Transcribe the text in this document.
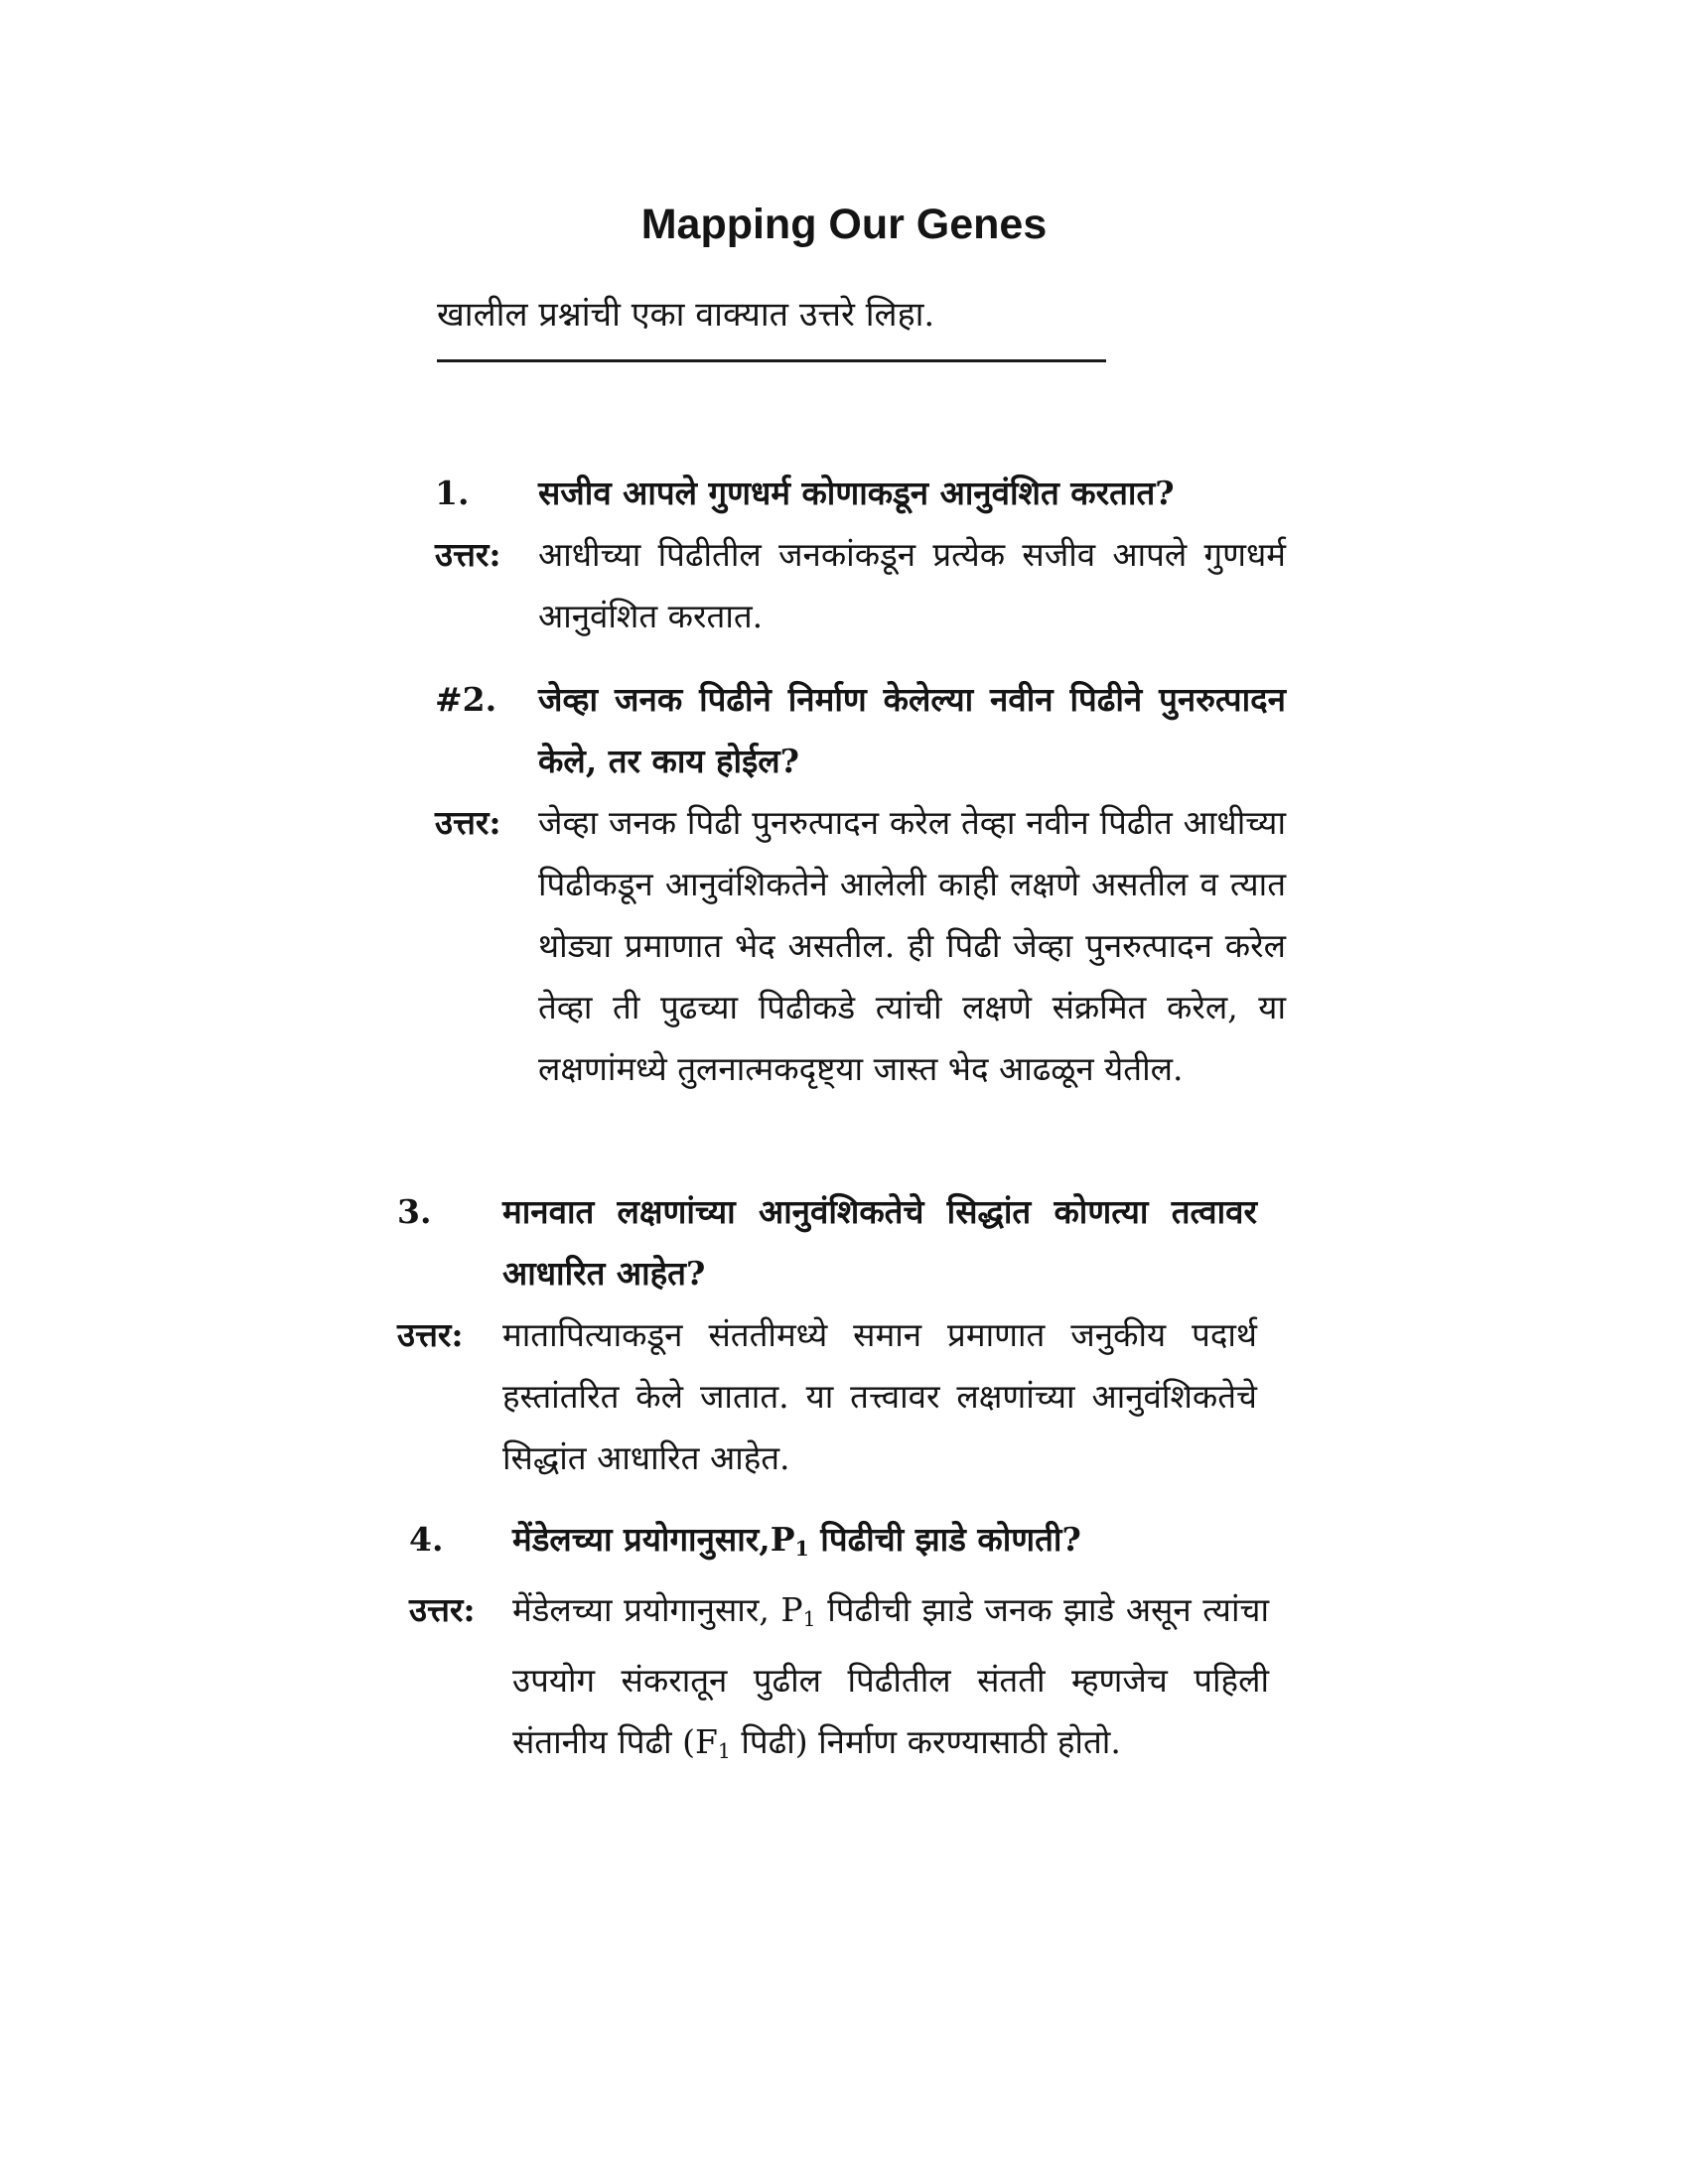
Mapping Our Genes

खालील प्रश्नांची एका वाक्यात उत्तरे लिहा.

1. सजीव आपले गुणधर्म कोणाकडून आनुवंशित करतात?
उत्तर: आधीच्या पिढीतील जनकांकडून प्रत्येक सजीव आपले गुणधर्म आनुवंशित करतात.
#2. जेव्हा जनक पिढीने निर्माण केलेल्या नवीन पिढीने पुनरुत्पादन केले, तर काय होईल?
उत्तर: जेव्हा जनक पिढी पुनरुत्पादन करेल तेव्हा नवीन पिढीत आधीच्या पिढीकडून आनुवंशिकतेने आलेली काही लक्षणे असतील व त्यात थोड्या प्रमाणात भेद असतील. ही पिढी जेव्हा पुनरुत्पादन करेल तेव्हा ती पुढच्या पिढीकडे त्यांची लक्षणे संक्रमित करेल, या लक्षणांमध्ये तुलनात्मकदृष्ट्या जास्त भेद आढळून येतील.
3. मानवात लक्षणांच्या आनुवंशिकतेचे सिद्धांत कोणत्या तत्वावर आधारित आहेत?
उत्तर: मातापित्याकडून संततीमध्ये समान प्रमाणात जनुकीय पदार्थ हस्तांतरित केले जातात. या तत्त्वावर लक्षणांच्या आनुवंशिकतेचे सिद्धांत आधारित आहेत.
4. मेंडेलच्या $प्रयोगानुसार,P_1$ पिढीची झाडे कोणती?
उत्तर: मेंडेलच्या प्रयोगानुसार, $P_1$ पिढीची झाडे जनक झाडे असून त्यांचा उपयोग संकरातून पुढील पिढीतील संतती म्हणजेच पहिली संतानीय पिढी ($F_1$ पिढी) निर्माण करण्यासाठी होतो.
